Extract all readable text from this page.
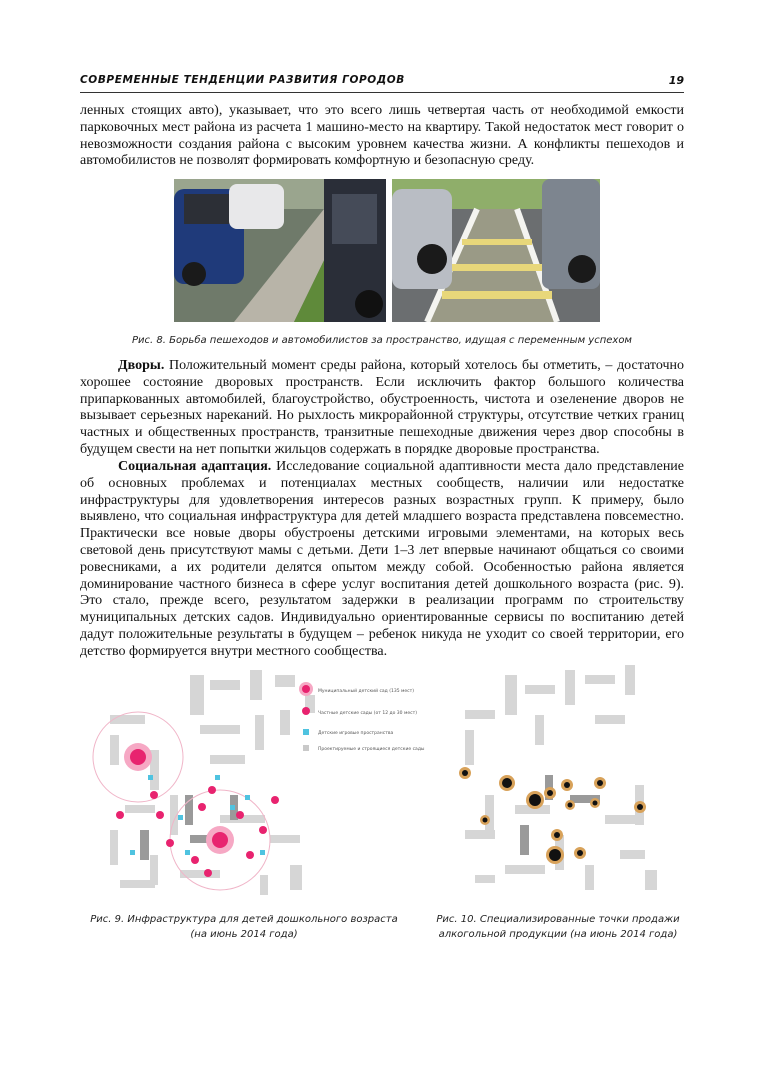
СОВРЕМЕННЫЕ ТЕНДЕНЦИИ РАЗВИТИЯ ГОРОДОВ	19

ленных стоящих авто), указывает, что это всего лишь четвертая часть от необходимой емкости парковочных мест района из расчета 1 машино-место на квартиру. Такой недостаток мест говорит о невозможности создания района с высоким уровнем качества жизни. А конфликты пешеходов и автомобилистов не позволят формировать комфортную и безопасную среду.

Рис. 8. Борьба пешеходов и автомобилистов за пространство, идущая с переменным успехом

Дворы. Положительный момент среды района, который хотелось бы отметить, – достаточно хорошее состояние дворовых пространств. Если исключить фактор большого количества припаркованных автомобилей, благоустройство, обустроенность, чистота и озеленение дворов не вызывает серьезных нареканий. Но рыхлость микрорайонной структуры, отсутствие четких границ частных и общественных пространств, транзитные пешеходные движения через двор способны в будущем свести на нет попытки жильцов содержать в порядке дворовые пространства.

Социальная адаптация. Исследование социальной адаптивности места дало представление об основных проблемах и потенциалах местных сообществ, наличии или недостатке инфраструктуры для удовлетворения интересов разных возрастных групп. К примеру, было выявлено, что социальная инфраструктура для детей младшего возраста представлена повсеместно. Практически все новые дворы обустроены детскими игровыми элементами, на которых весь световой день присутствуют мамы с детьми. Дети 1–3 лет впервые начинают общаться со своими ровесниками, а их родители делятся опытом между собой. Особенностью района является доминирование частного бизнеса в сфере услуг воспитания детей дошкольного возраста (рис. 9). Это стало, прежде всего, результатом задержки в реализации программ по строительству муниципальных детских садов. Индивидуально ориентированные сервисы по воспитанию детей дадут положительные результаты в будущем – ребенок никуда не уходит со своей территории, его детство формируется внутри местного сообщества.

Муниципальный детский сад (135 мест)
Частные детские сады (от 12 до 30 мест)
Детские игровые пространства
Проектируемые и строящиеся детские сады
Рис. 9. Инфраструктура для детей дошкольного возраста
(на июнь 2014 года)
Рис. 10. Специализированные точки продажи
алкогольной продукции (на июнь 2014 года)
